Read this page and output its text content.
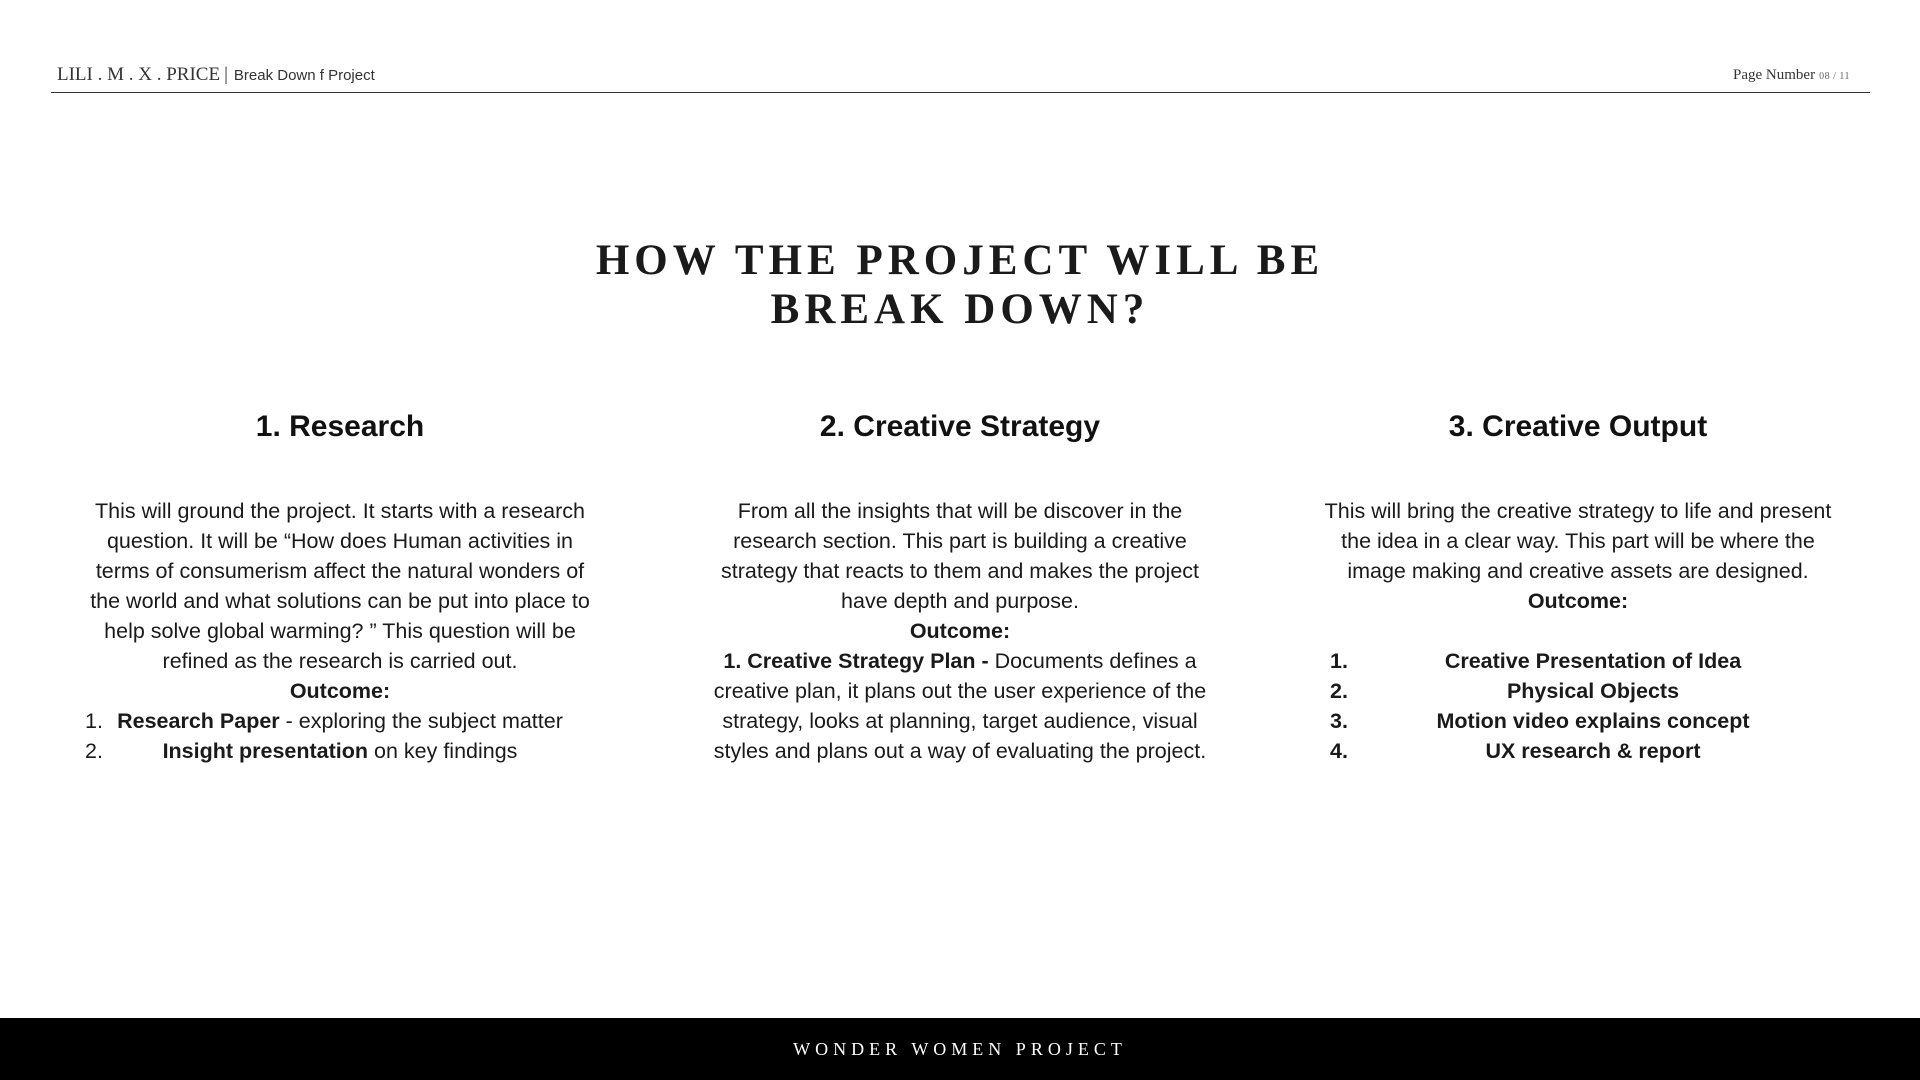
LILI . M . X . PRICE | Break Down f Project	Page Number 08 / 11
HOW THE PROJECT WILL BE
BREAK DOWN?
1. Research

This will ground the project. It starts with a research question. It will be “How does Human activities in terms of consumerism affect the natural wonders of the world and what solutions can be put into place to help solve global warming? ” This question will be refined as the research is carried out.

Outcome:

1. Research Paper - exploring the subject matter
2.	Insight presentation on key findings
2. Creative Strategy

From all the insights that will be discover in the research section. This part is building a creative strategy that reacts to them and makes the project have depth and purpose.

Outcome:

1. Creative Strategy Plan - Documents defines a creative plan, it plans out the user experience of the strategy, looks at planning, target audience, visual styles and plans out a way of evaluating the project.

3. Creative Output

This will bring the creative strategy to life and present the idea in a clear way. This part will be where the image making and creative assets are designed.

Outcome:

1.	Creative Presentation of Idea
2.	Physical Objects
3.	Motion video explains concept
4.	UX research & report
WONDER WOMEN PROJECT
